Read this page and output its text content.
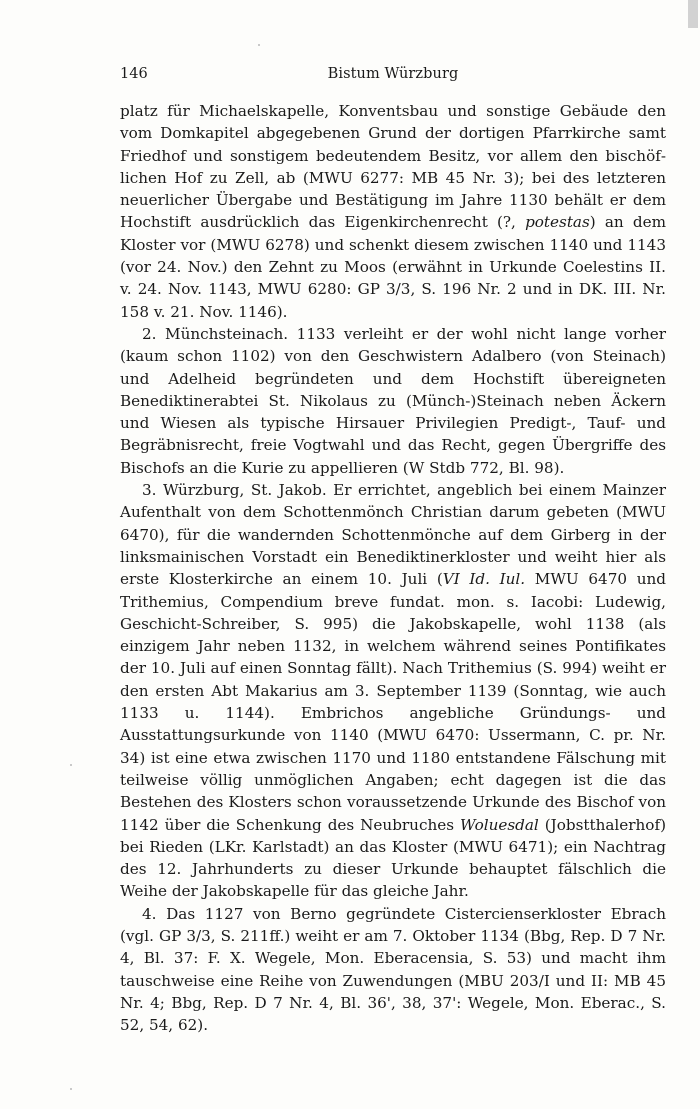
146	Bistum Würzburg

platz für Michaelskapelle, Konventsbau und sonstige Gebäude den vom Domkapitel abgegebenen Grund der dortigen Pfarrkirche samt Friedhof und sonstigem bedeutendem Besitz, vor allem den bischöflichen Hof zu Zell, ab (MWU 6277: MB 45 Nr. 3); bei des letzteren neuerlicher Übergabe und Bestätigung im Jahre 1130 behält er dem Hochstift ausdrücklich das Eigenkirchenrecht (?, potestas) an dem Kloster vor (MWU 6278) und schenkt diesem zwischen 1140 und 1143 (vor 24. Nov.) den Zehnt zu Moos (erwähnt in Urkunde Coelestins II. v. 24. Nov. 1143, MWU 6280: GP 3/3, S. 196 Nr. 2 und in DK. III. Nr. 158 v. 21. Nov. 1146).

2. Münchsteinach. 1133 verleiht er der wohl nicht lange vorher (kaum schon 1102) von den Geschwistern Adalbero (von Steinach) und Adelheid begründeten und dem Hochstift übereigneten Benediktinerabtei St. Nikolaus zu (Münch-)Steinach neben Äckern und Wiesen als typische Hirsauer Privilegien Predigt-, Tauf- und Begräbnisrecht, freie Vogtwahl und das Recht, gegen Übergriffe des Bischofs an die Kurie zu appellieren (W Stdb 772, Bl. 98).

3. Würzburg, St. Jakob. Er errichtet, angeblich bei einem Mainzer Aufenthalt von dem Schottenmönch Christian darum gebeten (MWU 6470), für die wandernden Schottenmönche auf dem Girberg in der linksmainischen Vorstadt ein Benediktinerkloster und weiht hier als erste Klosterkirche an einem 10. Juli (VI Id. Iul. MWU 6470 und Trithemius, Compendium breve fundat. mon. s. Iacobi: Ludewig, Geschicht-Schreiber, S. 995) die Jakobskapelle, wohl 1138 (als einzigem Jahr neben 1132, in welchem während seines Pontifikates der 10. Juli auf einen Sonntag fällt). Nach Trithemius (S. 994) weiht er den ersten Abt Makarius am 3. September 1139 (Sonntag, wie auch 1133 u. 1144). Embrichos angebliche Gründungs- und Ausstattungsurkunde von 1140 (MWU 6470: Ussermann, C. pr. Nr. 34) ist eine etwa zwischen 1170 und 1180 entstandene Fälschung mit teilweise völlig unmöglichen Angaben; echt dagegen ist die das Bestehen des Klosters schon voraussetzende Urkunde des Bischof von 1142 über die Schenkung des Neubruches Woluesdal (Jobstthalerhof) bei Rieden (LKr. Karlstadt) an das Kloster (MWU 6471); ein Nachtrag des 12. Jahrhunderts zu dieser Urkunde behauptet fälschlich die Weihe der Jakobskapelle für das gleiche Jahr.

4. Das 1127 von Berno gegründete Cistercienserkloster Ebrach (vgl. GP 3/3, S. 211ff.) weiht er am 7. Oktober 1134 (Bbg, Rep. D 7 Nr. 4, Bl. 37: F. X. Wegele, Mon. Eberacensia, S. 53) und macht ihm tauschweise eine Reihe von Zuwendungen (MBU 203/I und II: MB 45 Nr. 4; Bbg, Rep. D 7 Nr. 4, Bl. 36', 38, 37': Wegele, Mon. Eberac., S. 52, 54, 62).
